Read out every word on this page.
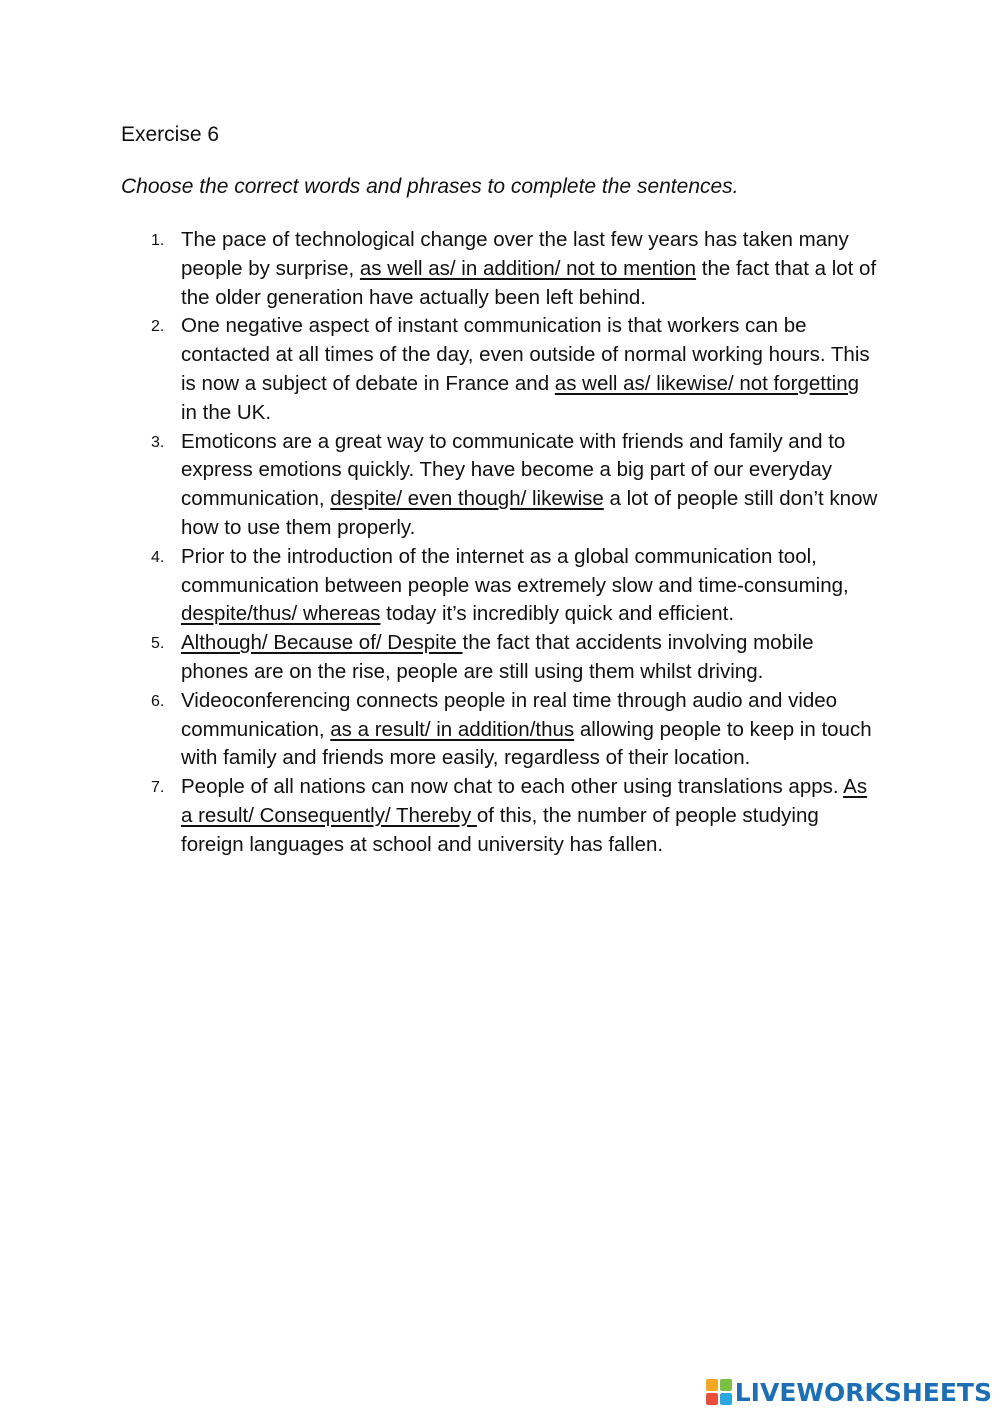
Exercise 6

Choose the correct words and phrases to complete the sentences.

1. The pace of technological change over the last few years has taken many people by surprise, as well as/ in addition/ not to mention the fact that a lot of the older generation have actually been left behind.
2. One negative aspect of instant communication is that workers can be contacted at all times of the day, even outside of normal working hours. This is now a subject of debate in France and as well as/ likewise/ not forgetting in the UK.
3. Emoticons are a great way to communicate with friends and family and to express emotions quickly. They have become a big part of our everyday communication, despite/ even though/ likewise a lot of people still don’t know how to use them properly.
4. Prior to the introduction of the internet as a global communication tool, communication between people was extremely slow and time-consuming, despite/thus/ whereas today it’s incredibly quick and efficient.
5. Although/ Because of/ Despite the fact that accidents involving mobile phones are on the rise, people are still using them whilst driving.
6. Videoconferencing connects people in real time through audio and video communication, as a result/ in addition/thus allowing people to keep in touch with family and friends more easily, regardless of their location.
7. People of all nations can now chat to each other using translations apps. As a result/ Consequently/ Thereby of this, the number of people studying foreign languages at school and university has fallen.
LIVEWORKSHEETS
